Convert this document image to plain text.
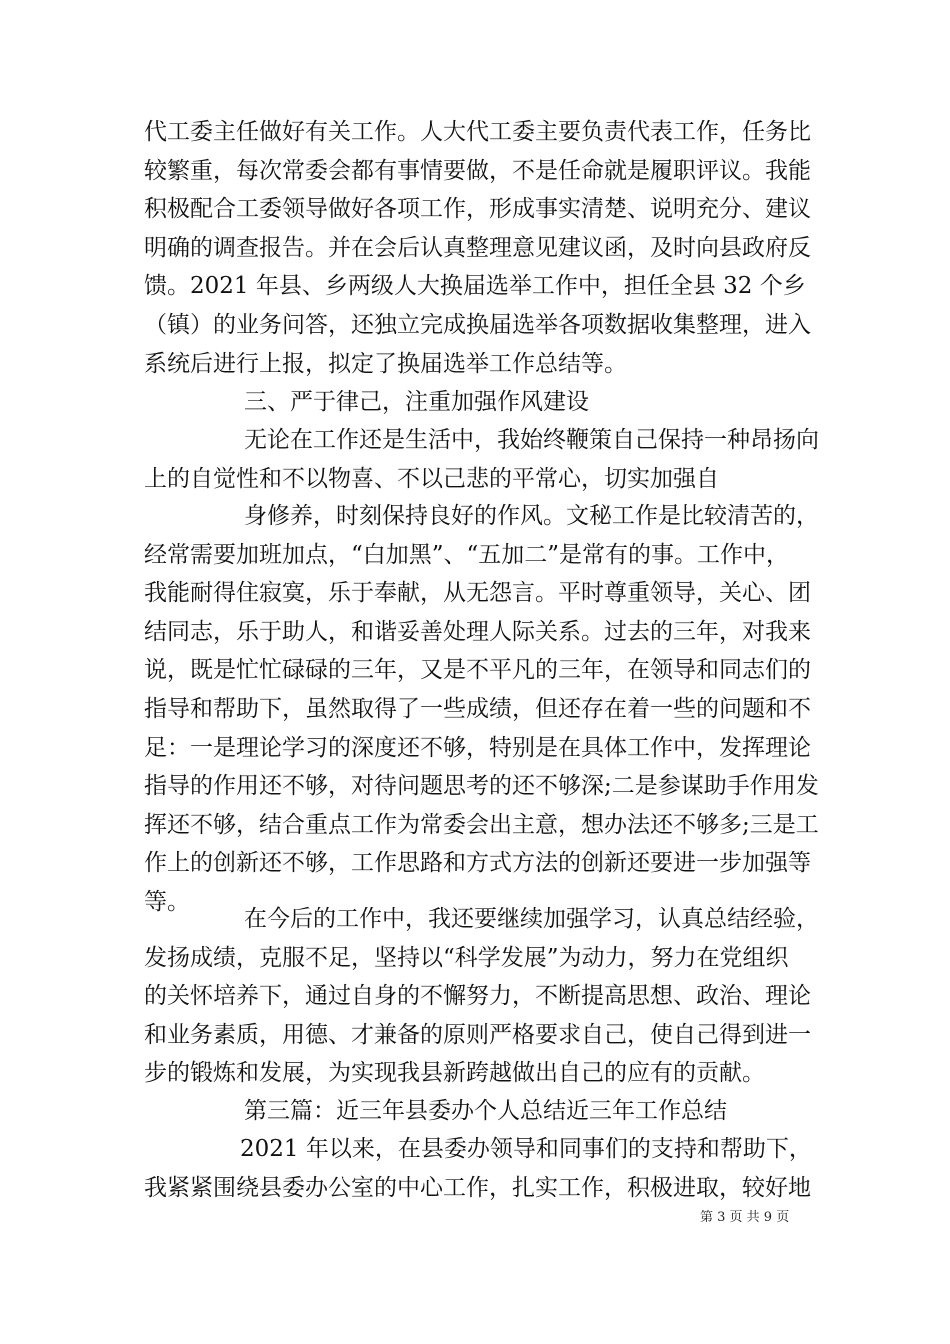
代工委主任做好有关工作。人大代工委主要负责代表工作，任务比
较繁重，每次常委会都有事情要做，不是任命就是履职评议。我能
积极配合工委领导做好各项工作，形成事实清楚、说明充分、建议
明确的调查报告。并在会后认真整理意见建议函，及时向县政府反
馈。2021 年县、乡两级人大换届选举工作中，担任全县 32 个乡
（镇）的业务问答，还独立完成换届选举各项数据收集整理，进入
系统后进行上报，拟定了换届选举工作总结等。
三、严于律己，注重加强作风建设
无论在工作还是生活中，我始终鞭策自己保持一种昂扬向
上的自觉性和不以物喜、不以己悲的平常心，切实加强自
身修养，时刻保持良好的作风。文秘工作是比较清苦的，
经常需要加班加点，“白加黑”、“五加二”是常有的事。工作中，
我能耐得住寂寞，乐于奉献，从无怨言。平时尊重领导，关心、团
结同志，乐于助人，和谐妥善处理人际关系。过去的三年，对我来
说，既是忙忙碌碌的三年，又是不平凡的三年，在领导和同志们的
指导和帮助下，虽然取得了一些成绩，但还存在着一些的问题和不
足：一是理论学习的深度还不够，特别是在具体工作中，发挥理论
指导的作用还不够，对待问题思考的还不够深;二是参谋助手作用发
挥还不够，结合重点工作为常委会出主意，想办法还不够多;三是工
作上的创新还不够，工作思路和方式方法的创新还要进一步加强等
等。
在今后的工作中，我还要继续加强学习，认真总结经验，
发扬成绩，克服不足，坚持以“科学发展”为动力，努力在党组织
的关怀培养下，通过自身的不懈努力，不断提高思想、政治、理论
和业务素质，用德、才兼备的原则严格要求自己，使自己得到进一
步的锻炼和发展，为实现我县新跨越做出自己的应有的贡献。
第三篇：近三年县委办个人总结近三年工作总结
2021 年以来，在县委办领导和同事们的支持和帮助下，
我紧紧围绕县委办公室的中心工作，扎实工作，积极进取，较好地
第 3 页 共 9 页
